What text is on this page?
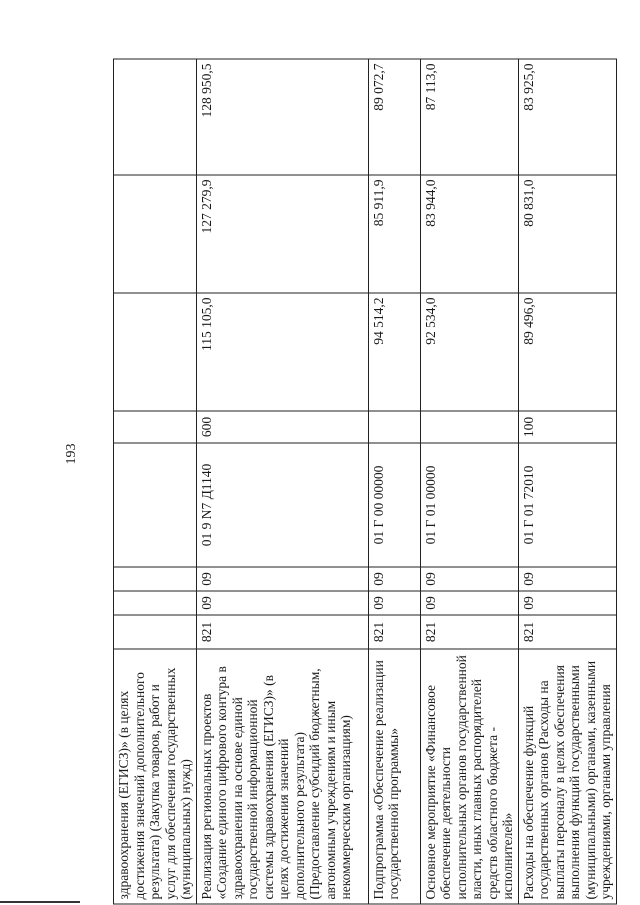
193
здравоохранения (ЕГИСЗ)» (в целях достижения значений дополнительного результата) (Закупка товаров, работ и услуг для обеспечения государственных (муниципальных) нужд)								
Реализация региональных проектов «Создание единого цифрового контура в здравоохранении на основе единой государственной информационной системы здравоохранения (ЕГИСЗ)» (в целях достижения значений дополнительного результата) (Предоставление субсидий бюджетным, автономным учреждениям и иным некоммерческим организациям)	821	09	09	01 9 N7 Д1140	600	115 105,0	127 279,9	128 950,5
Подпрограмма «Обеспечение реализации государственной программы»	821	09	09	01 Г 00 00000		94 514,2	85 911,9	89 072,7
Основное мероприятие «Финансовое обеспечение деятельности исполнительных органов государственной власти, иных главных распорядителей средств областного бюджета - исполнителей»	821	09	09	01 Г 01 00000		92 534,0	83 944,0	87 113,0
Расходы на обеспечение функций государственных органов (Расходы на выплаты персоналу в целях обеспечения выполнения функций государственными (муниципальными) органами, казенными учреждениями, органами управления	821	09	09	01 Г 01 72010	100	89 496,0	80 831,0	83 925,0
